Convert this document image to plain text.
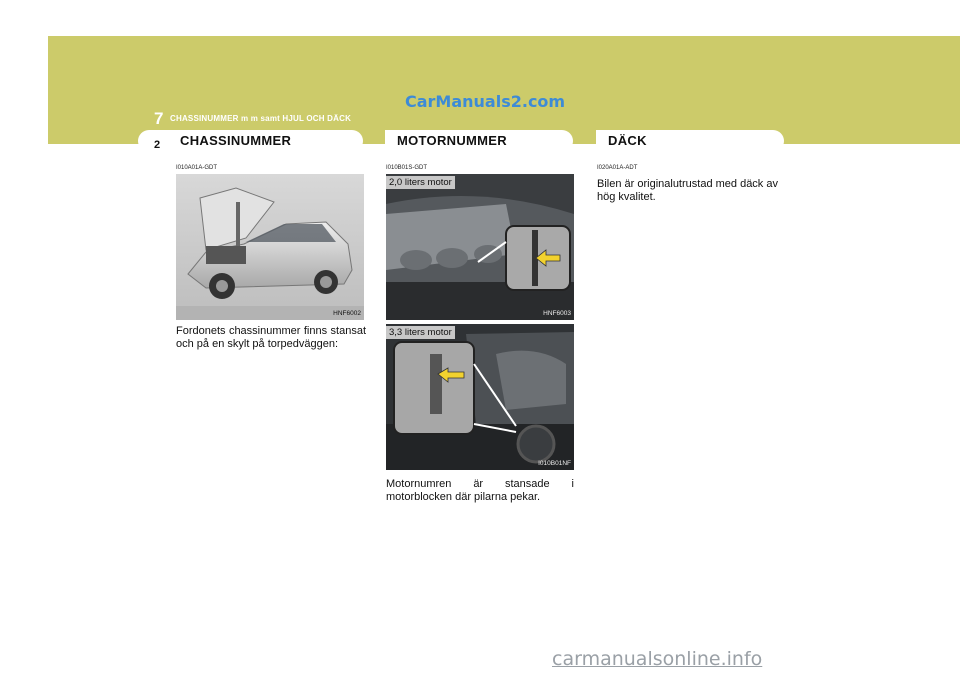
CarManuals2.com
7 CHASSINUMMER m m samt HJUL OCH DÄCK
2 CHASSINUMMER
I010A01A-GDT
HNF6002
Fordonets chassinummer finns stansat och på en skylt på torpedväggen:
MOTORNUMMER
I010B01S-GDT
2,0 liters motor
HNF6003
3,3 liters motor
I010B01NF
Motornumren är stansade i motorblocken där pilarna pekar.
DÄCK
I020A01A-ADT
Bilen är originalutrustad med däck av hög kvalitet.
carmanualsonline.info
